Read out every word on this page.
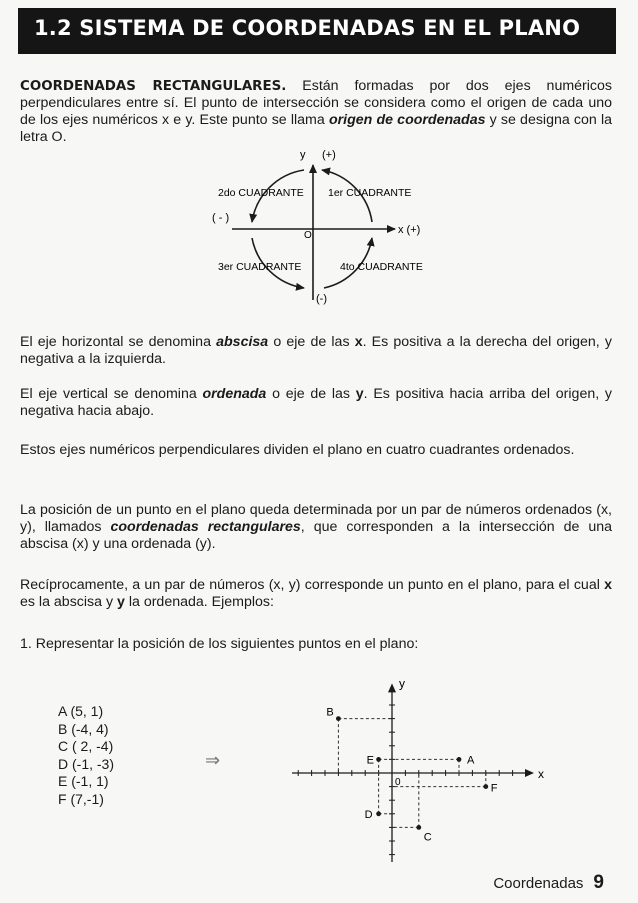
1.2 SISTEMA DE COORDENADAS EN EL PLANO

COORDENADAS RECTANGULARES. Están formadas por dos ejes numéricos perpendiculares entre sí. El punto de intersección se considera como el origen de cada uno de los ejes numéricos x e y. Este punto se llama origen de coordenadas y se designa con la letra O.

y (+)
x (+)
( - )
(-)
O
2do CUADRANTE 1er CUADRANTE
3er CUADRANTE	4to CUADRANTE

El eje horizontal se denomina abscisa o eje de las x. Es positiva a la derecha del origen, y negativa a la izquierda.

El eje vertical se denomina ordenada o eje de las y. Es positiva hacia arriba del origen, y negativa hacia abajo.

Estos ejes numéricos perpendiculares dividen el plano en cuatro cuadrantes ordenados.

La posición de un punto en el plano queda determinada por un par de números ordenados (x, y), llamados coordenadas rectangulares, que corresponden a la intersección de una abscisa (x) y una ordenada (y).

Recíprocamente, a un par de números (x, y) corresponde un punto en el plano, para el cual x es la abscisa y y la ordenada. Ejemplos:

1. Representar la posición de los siguientes puntos en el plano:

A (5, 1)
B (-4, 4)
C ( 2, -4)
D (-1, -3)
E (-1, 1)
F (7,-1)
⇒
x
y
0
A
B
C
D
E
F
Coordenadas 9
